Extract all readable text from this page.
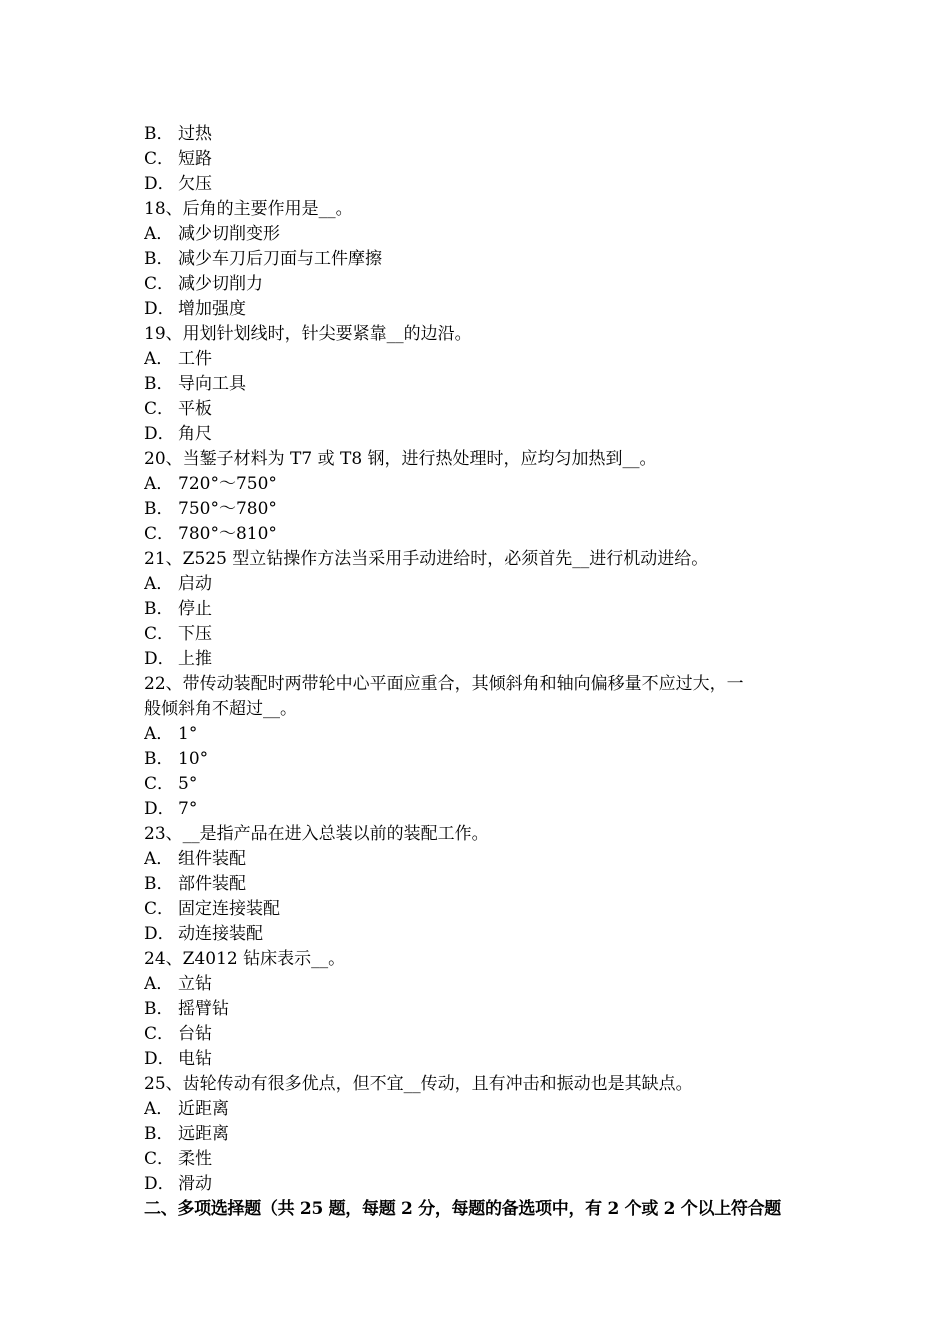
B． 过热
C． 短路
D． 欠压
18、后角的主要作用是__。
A． 减少切削变形
B． 减少车刀后刀面与工件摩擦
C． 减少切削力
D． 增加强度
19、用划针划线时，针尖要紧靠__的边沿。
A． 工件
B． 导向工具
C． 平板
D． 角尺
20、当錾子材料为 T7 或 T8 钢，进行热处理时，应均匀加热到__。
A． 720°～750°
B． 750°～780°
C． 780°～810°
21、Z525 型立钻操作方法当采用手动进给时，必须首先__进行机动进给。
A． 启动
B． 停止
C． 下压
D． 上推
22、带传动装配时两带轮中心平面应重合，其倾斜角和轴向偏移量不应过大，一
般倾斜角不超过__。
A． 1°
B． 10°
C． 5°
D． 7°
23、__是指产品在进入总装以前的装配工作。
A． 组件装配
B． 部件装配
C． 固定连接装配
D． 动连接装配
24、Z4012 钻床表示__。
A． 立钻
B． 摇臂钻
C． 台钻
D． 电钻
25、齿轮传动有很多优点，但不宜__传动，且有冲击和振动也是其缺点。
A． 近距离
B． 远距离
C． 柔性
D． 滑动
二、多项选择题（共 25 题，每题 2 分，每题的备选项中，有 2 个或 2 个以上符合题
